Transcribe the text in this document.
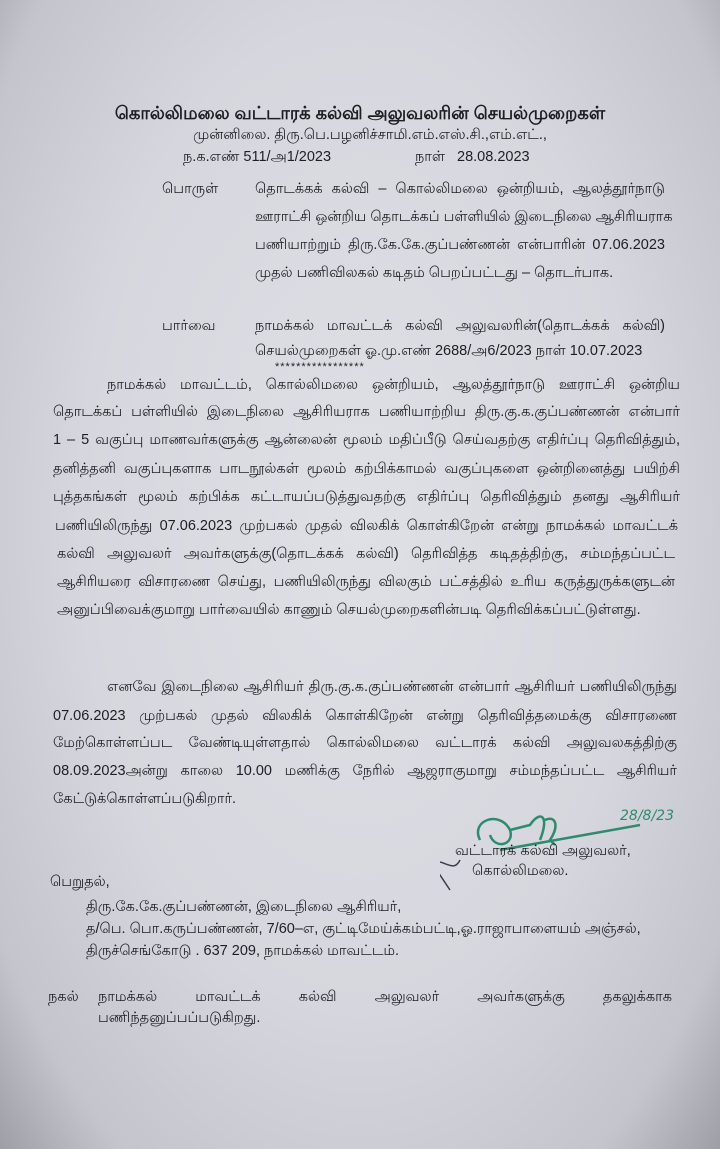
கொல்லிமலை வட்டாரக் கல்வி அலுவலரின் செயல்முறைகள்
முன்னிலை. திரு.பெ.பழனிச்சாமி.எம்.எஸ்.சி.,எம்.எட்.,
ந.க.எண் 511/அ1/2023	நாள் 28.08.2023
பொருள்	தொடக்கக் கல்வி – கொல்லிமலை ஒன்றியம், ஆலத்தூர்நாடு
ஊராட்சி ஒன்றிய தொடக்கப் பள்ளியில் இடைநிலை ஆசிரியராக
பணியாற்றும் திரு.கே.கே.குப்பண்ணன் என்பாரின் 07.06.2023
முதல் பணிவிலகல் கடிதம் பெறப்பட்டது – தொடர்பாக.
பார்வை	நாமக்கல் மாவட்டக் கல்வி அலுவலரின்(தொடக்கக் கல்வி)
செயல்முறைகள் ஓ.மு.எண் 2688/அ6/2023 நாள் 10.07.2023
*****************
நாமக்கல் மாவட்டம், கொல்லிமலை ஒன்றியம், ஆலத்தூர்நாடு ஊராட்சி ஒன்றிய
தொடக்கப் பள்ளியில் இடைநிலை ஆசிரியராக பணியாற்றிய திரு.கு.க.குப்பண்ணன் என்பார்
1 – 5 வகுப்பு மாணவர்களுக்கு ஆன்லைன் மூலம் மதிப்பீடு செய்வதற்கு எதிர்ப்பு தெரிவித்தும்,
தனித்தனி வகுப்புகளாக பாடநூல்கள் மூலம் கற்பிக்காமல் வகுப்புகளை ஒன்றினைத்து பயிற்சி
புத்தகங்கள் மூலம் கற்பிக்க கட்டாயப்படுத்துவதற்கு எதிர்ப்பு தெரிவித்தும் தனது ஆசிரியர்
பணியிலிருந்து 07.06.2023 முற்பகல் முதல் விலகிக் கொள்கிறேன் என்று நாமக்கல் மாவட்டக்
கல்வி அலுவலர் அவர்களுக்கு(தொடக்கக் கல்வி) தெரிவித்த கடிதத்திற்கு, சம்மந்தப்பட்ட
ஆசிரியரை விசாரணை செய்து, பணியிலிருந்து விலகும் பட்சத்தில் உரிய கருத்துருக்களுடன்
அனுப்பிவைக்குமாறு பார்வையில் காணும் செயல்முறைகளின்படி தெரிவிக்கப்பட்டுள்ளது.
எனவே இடைநிலை ஆசிரியர் திரு.கு.க.குப்பண்ணன் என்பார் ஆசிரியர் பணியிலிருந்து
07.06.2023 முற்பகல் முதல் விலகிக் கொள்கிறேன் என்று தெரிவித்தமைக்கு விசாரணை
மேற்கொள்ளப்பட வேண்டியுள்ளதால் கொல்லிமலை வட்டாரக் கல்வி அலுவலகத்திற்கு
08.09.2023அன்று காலை 10.00 மணிக்கு நேரில் ஆஜராகுமாறு சம்மந்தப்பட்ட ஆசிரியர்
கேட்டுக்கொள்ளப்படுகிறார்.
28/8/23
வட்டாரக் கல்வி அலுவலர்,
கொல்லிமலை.
பெறுதல்,
திரு.கே.கே.குப்பண்ணன், இடைநிலை ஆசிரியர்,
த/பெ. பொ.கருப்பண்ணன், 7/60–எ, குட்டிமேய்க்கம்பட்டி,ஓ.ராஜாபாளையம் அஞ்சல்,
திருச்செங்கோடு . 637 209, நாமக்கல் மாவட்டம்.
நகல் நாமக்கல் மாவட்டக் கல்வி அலுவலர் அவர்களுக்கு தகலுக்காக
பணிந்தனுப்பப்படுகிறது.
